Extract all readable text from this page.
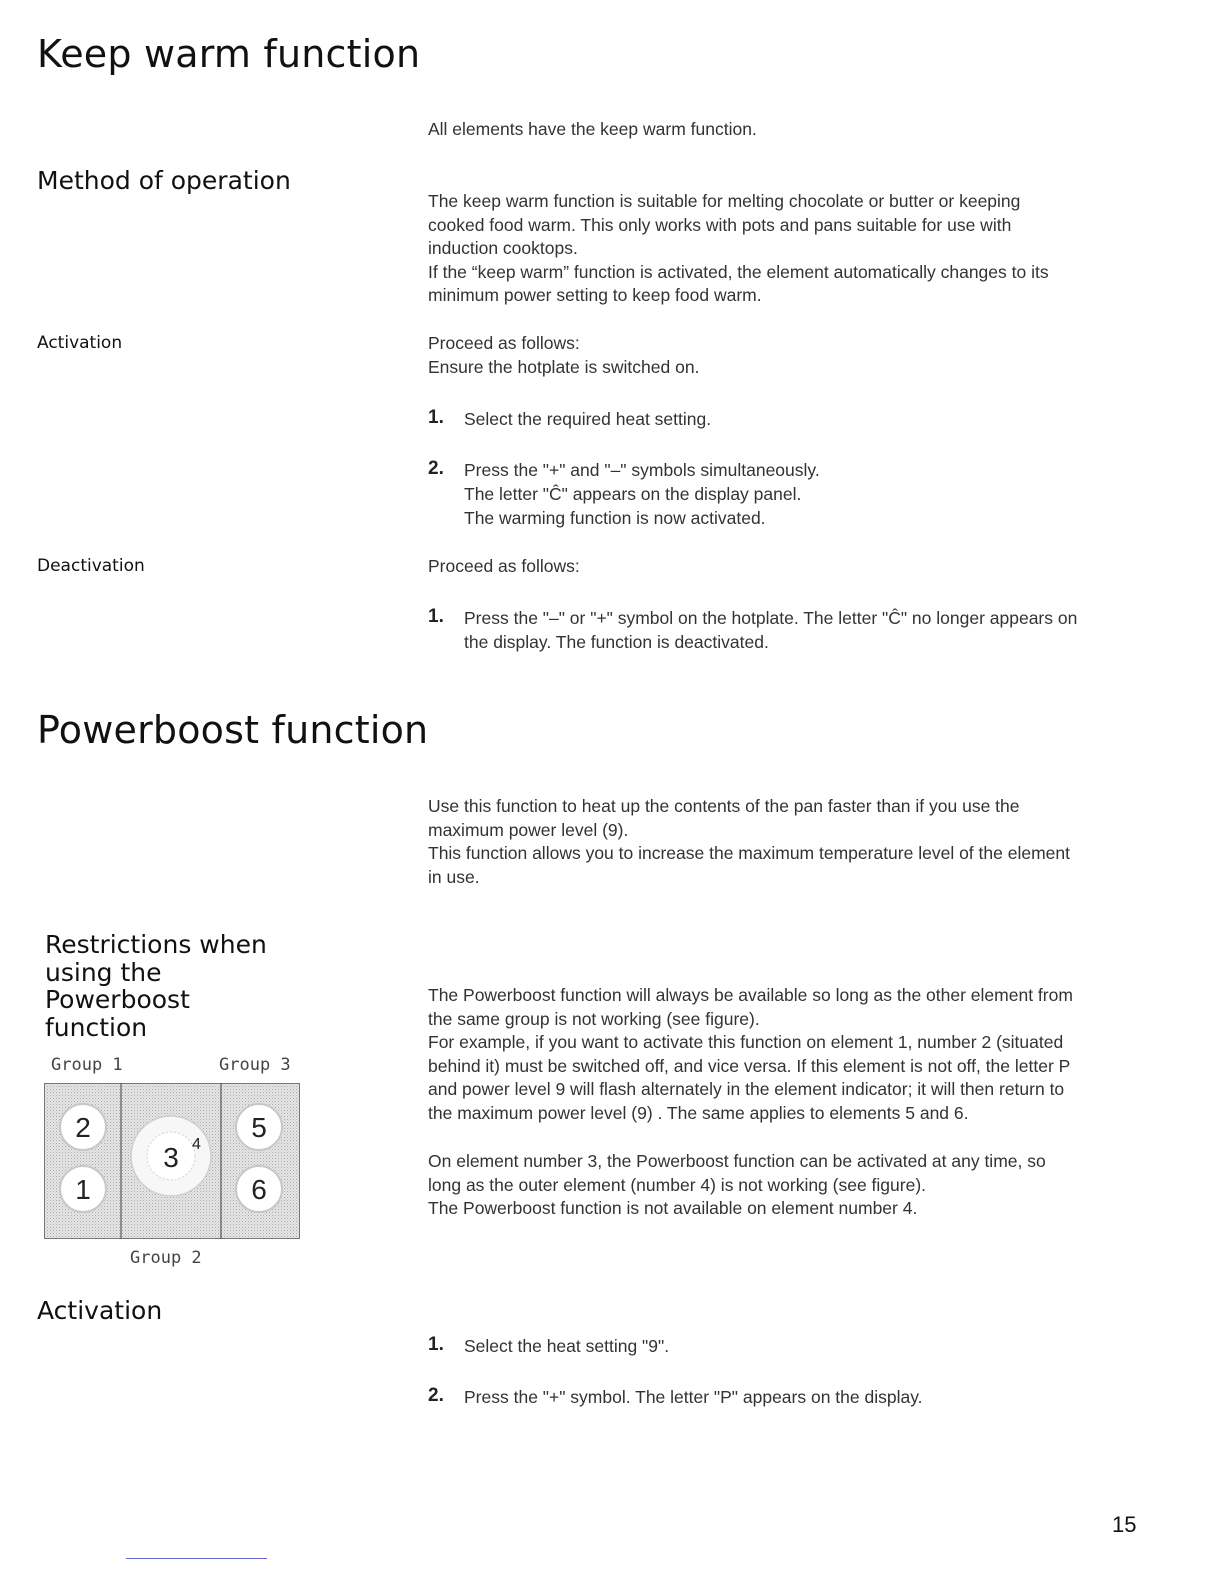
Keep warm function

All elements have the keep warm function.

Method of operation
The keep warm function is suitable for melting chocolate or butter or keeping
cooked food warm. This only works with pots and pans suitable for use with
induction cooktops.
If the “keep warm” function is activated, the element automatically changes to its
minimum power setting to keep food warm.
Activation	Proceed as follows:
Ensure the hotplate is switched on.
1. Select the required heat setting.
2. Press the "+" and "–" symbols simultaneously.
The letter "Ĉ" appears on the display panel.
The warming function is now activated.
Deactivation	Proceed as follows:

1. Press the "–" or "+" symbol on the hotplate. The letter "Ĉ" no longer appears on
the display. The function is deactivated.
Powerboost function
Use this function to heat up the contents of the pan faster than if you use the
maximum power level (9).
This function allows you to increase the maximum temperature level of the element
in use.
Restrictions when
using the
Powerboost
function
The Powerboost function will always be available so long as the other element from
the same group is not working (see figure).
For example, if you want to activate this function on element 1, number 2 (situated
behind it) must be switched off, and vice versa. If this element is not off, the letter P
and power level 9 will flash alternately in the element indicator; it will then return to
the maximum power level (9) . The same applies to elements 5 and 6.
On element number 3, the Powerboost function can be activated at any time, so
long as the outer element (number 4) is not working (see figure).
The Powerboost function is not available on element number 4.
Group 1	Group 3
2
1
3 4
5
6
Group 2
Activation
1. Select the heat setting "9".
2. Press the "+" symbol. The letter "P" appears on the display.
15
